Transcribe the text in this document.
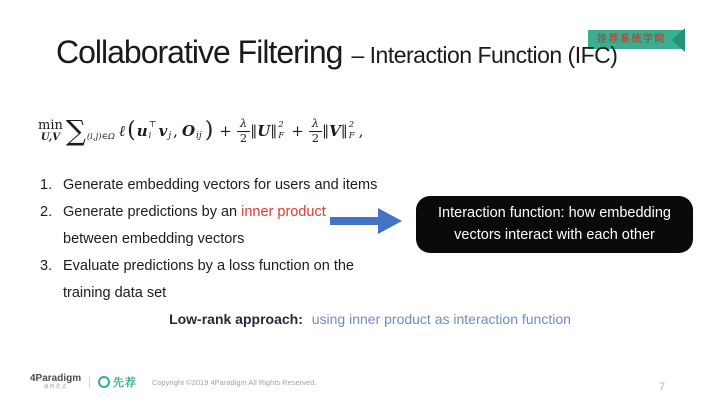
推荐系统学院
Collaborative Filtering – Interaction Function (IFC)
min
U,V ∑ (i,j)∈Ω ℓ ( u ⊤
i v j , O ij ) + $\frac{\lambda}{2}$ ‖ U ‖ 2
$F + \frac{\lambda}{2}$ ‖ V ‖ 2
F ,
1. Generate embedding vectors for users and items
2. Generate predictions by an inner product between embedding vectors
3. Evaluate predictions by a loss function on the training data set
Interaction function: how embedding vectors interact with each other
Low-rank approach: using inner product as interaction function
4Paradigm
第四范式 | 先荐 Copyright ©2019 4Paradigm All Rights Reserved.	7
